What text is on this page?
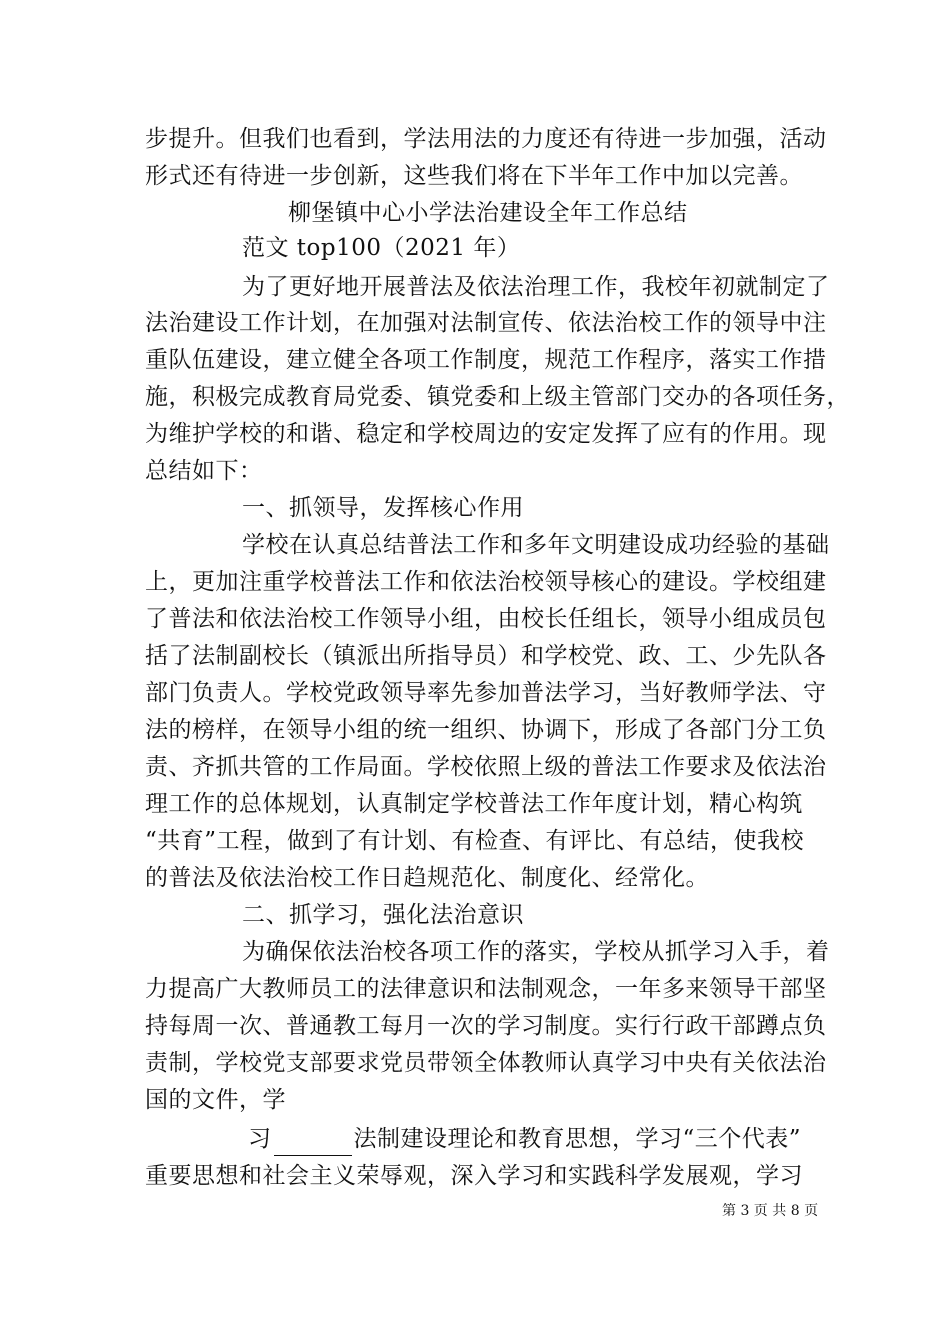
步提升。但我们也看到，学法用法的力度还有待进一步加强，活动
形式还有待进一步创新，这些我们将在下半年工作中加以完善。
柳堡镇中心小学法治建设全年工作总结
范文 top100（2021 年）
为了更好地开展普法及依法治理工作，我校年初就制定了
法治建设工作计划，在加强对法制宣传、依法治校工作的领导中注
重队伍建设，建立健全各项工作制度，规范工作程序，落实工作措
施，积极完成教育局党委、镇党委和上级主管部门交办的各项任务，
为维护学校的和谐、稳定和学校周边的安定发挥了应有的作用。现
总结如下：
一、抓领导，发挥核心作用
学校在认真总结普法工作和多年文明建设成功经验的基础
上，更加注重学校普法工作和依法治校领导核心的建设。学校组建
了普法和依法治校工作领导小组，由校长任组长，领导小组成员包
括了法制副校长（镇派出所指导员）和学校党、政、工、少先队各
部门负责人。学校党政领导率先参加普法学习，当好教师学法、守
法的榜样，在领导小组的统一组织、协调下，形成了各部门分工负
责、齐抓共管的工作局面。学校依照上级的普法工作要求及依法治
理工作的总体规划，认真制定学校普法工作年度计划，精心构筑
“共育”工程，做到了有计划、有检查、有评比、有总结，使我校
的普法及依法治校工作日趋规范化、制度化、经常化。
二、抓学习，强化法治意识
为确保依法治校各项工作的落实，学校从抓学习入手，着
力提高广大教师员工的法律意识和法制观念，一年多来领导干部坚
持每周一次、普通教工每月一次的学习制度。实行行政干部蹲点负
责制，学校党支部要求党员带领全体教师认真学习中央有关依法治
国的文件，学
习	法制建设理论和教育思想，学习“三个代表”
重要思想和社会主义荣辱观，深入学习和实践科学发展观，学习
第 3 页 共 8 页
